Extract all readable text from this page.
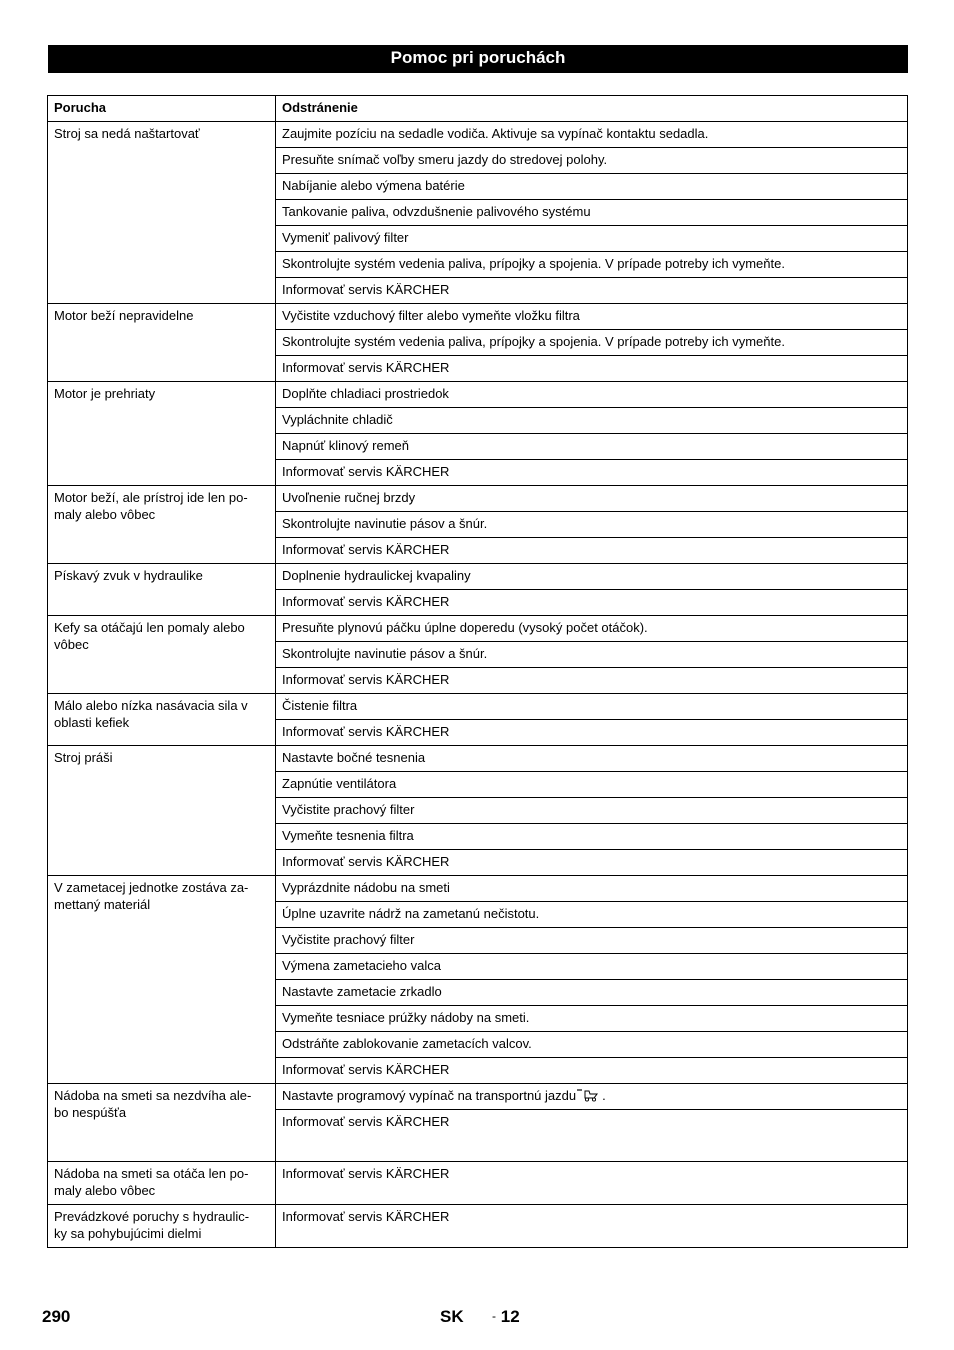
Pomoc pri poruchách
Porucha	Odstránenie
Stroj sa nedá naštartovať	Zaujmite pozíciu na sedadle vodiča. Aktivuje sa vypínač kontaktu sedadla.
	Presuňte snímač voľby smeru jazdy do stredovej polohy.
	Nabíjanie alebo výmena batérie
	Tankovanie paliva, odvzdušnenie palivového systému
	Vymeniť palivový filter
	Skontrolujte systém vedenia paliva, prípojky a spojenia. V prípade potreby ich vymeňte.
	Informovať servis KÄRCHER
Motor beží nepravidelne	Vyčistite vzduchový filter alebo vymeňte vložku filtra
	Skontrolujte systém vedenia paliva, prípojky a spojenia. V prípade potreby ich vymeňte.
	Informovať servis KÄRCHER
Motor je prehriaty	Doplňte chladiaci prostriedok
	Vypláchnite chladič
	Napnúť klinový remeň
	Informovať servis KÄRCHER
Motor beží, ale prístroj ide len po-
maly alebo vôbec	Uvoľnenie ručnej brzdy
	Skontrolujte navinutie pásov a šnúr.
	Informovať servis KÄRCHER
Pískavý zvuk v hydraulike	Doplnenie hydraulickej kvapaliny
	Informovať servis KÄRCHER
Kefy sa otáčajú len pomaly alebo
vôbec	Presuňte plynovú páčku úplne doperedu (vysoký počet otáčok).
	Skontrolujte navinutie pásov a šnúr.
	Informovať servis KÄRCHER
Málo alebo nízka nasávacia sila v
oblasti kefiek	Čistenie filtra
	Informovať servis KÄRCHER
Stroj práši	Nastavte bočné tesnenia
	Zapnútie ventilátora
	Vyčistite prachový filter
	Vymeňte tesnenia filtra
	Informovať servis KÄRCHER
V zametacej jednotke zostáva za-
mettaný materiál	Vyprázdnite nádobu na smeti
	Úplne uzavrite nádrž na zametanú nečistotu.
	Vyčistite prachový filter
	Výmena zametacieho valca
	Nastavte zametacie zrkadlo
	Vymeňte tesniace prúžky nádoby na smeti.
	Odstráňte zablokovanie zametacích valcov.
	Informovať servis KÄRCHER
Nádoba na smeti sa nezdvíha ale-
bo nespúšťa	Nastavte programový vypínač na transportnú jazdu .
	Informovať servis KÄRCHER
Nádoba na smeti sa otáča len po-
maly alebo vôbec	Informovať servis KÄRCHER
Prevádzkové poruchy s hydraulic-
ky sa pohybujúcimi dielmi	Informovať servis KÄRCHER
290	SK - 12
